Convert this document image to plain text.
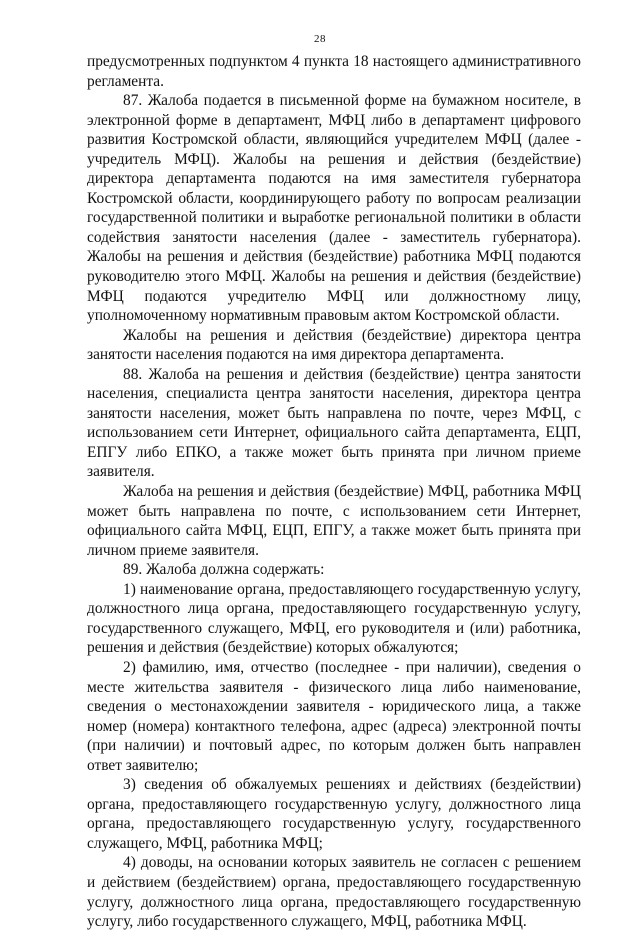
28

предусмотренных подпунктом 4 пункта 18 настоящего административного регламента.

87. Жалоба подается в письменной форме на бумажном носителе, в электронной форме в департамент, МФЦ либо в департамент цифрового развития Костромской области, являющийся учредителем МФЦ (далее - учредитель МФЦ). Жалобы на решения и действия (бездействие) директора департамента подаются на имя заместителя губернатора Костромской области, координирующего работу по вопросам реализации государственной политики и выработке региональной политики в области содействия занятости населения (далее - заместитель губернатора). Жалобы на решения и действия (бездействие) работника МФЦ подаются руководителю этого МФЦ. Жалобы на решения и действия (бездействие) МФЦ подаются учредителю МФЦ или должностному лицу, уполномоченному нормативным правовым актом Костромской области.

Жалобы на решения и действия (бездействие) директора центра занятости населения подаются на имя директора департамента.

88. Жалоба на решения и действия (бездействие) центра занятости населения, специалиста центра занятости населения, директора центра занятости населения, может быть направлена по почте, через МФЦ, с использованием сети Интернет, официального сайта департамента, ЕЦП, ЕПГУ либо ЕПКО, а также может быть принята при личном приеме заявителя.

Жалоба на решения и действия (бездействие) МФЦ, работника МФЦ может быть направлена по почте, с использованием сети Интернет, официального сайта МФЦ, ЕЦП, ЕПГУ, а также может быть принята при личном приеме заявителя.

89. Жалоба должна содержать:

1) наименование органа, предоставляющего государственную услугу, должностного лица органа, предоставляющего государственную услугу, государственного служащего, МФЦ, его руководителя и (или) работника, решения и действия (бездействие) которых обжалуются;

2) фамилию, имя, отчество (последнее - при наличии), сведения о месте жительства заявителя - физического лица либо наименование, сведения о местонахождении заявителя - юридического лица, а также номер (номера) контактного телефона, адрес (адреса) электронной почты (при наличии) и почтовый адрес, по которым должен быть направлен ответ заявителю;

3) сведения об обжалуемых решениях и действиях (бездействии) органа, предоставляющего государственную услугу, должностного лица органа, предоставляющего государственную услугу, государственного служащего, МФЦ, работника МФЦ;

4) доводы, на основании которых заявитель не согласен с решением и действием (бездействием) органа, предоставляющего государственную услугу, должностного лица органа, предоставляющего государственную услугу, либо государственного служащего, МФЦ, работника МФЦ.
